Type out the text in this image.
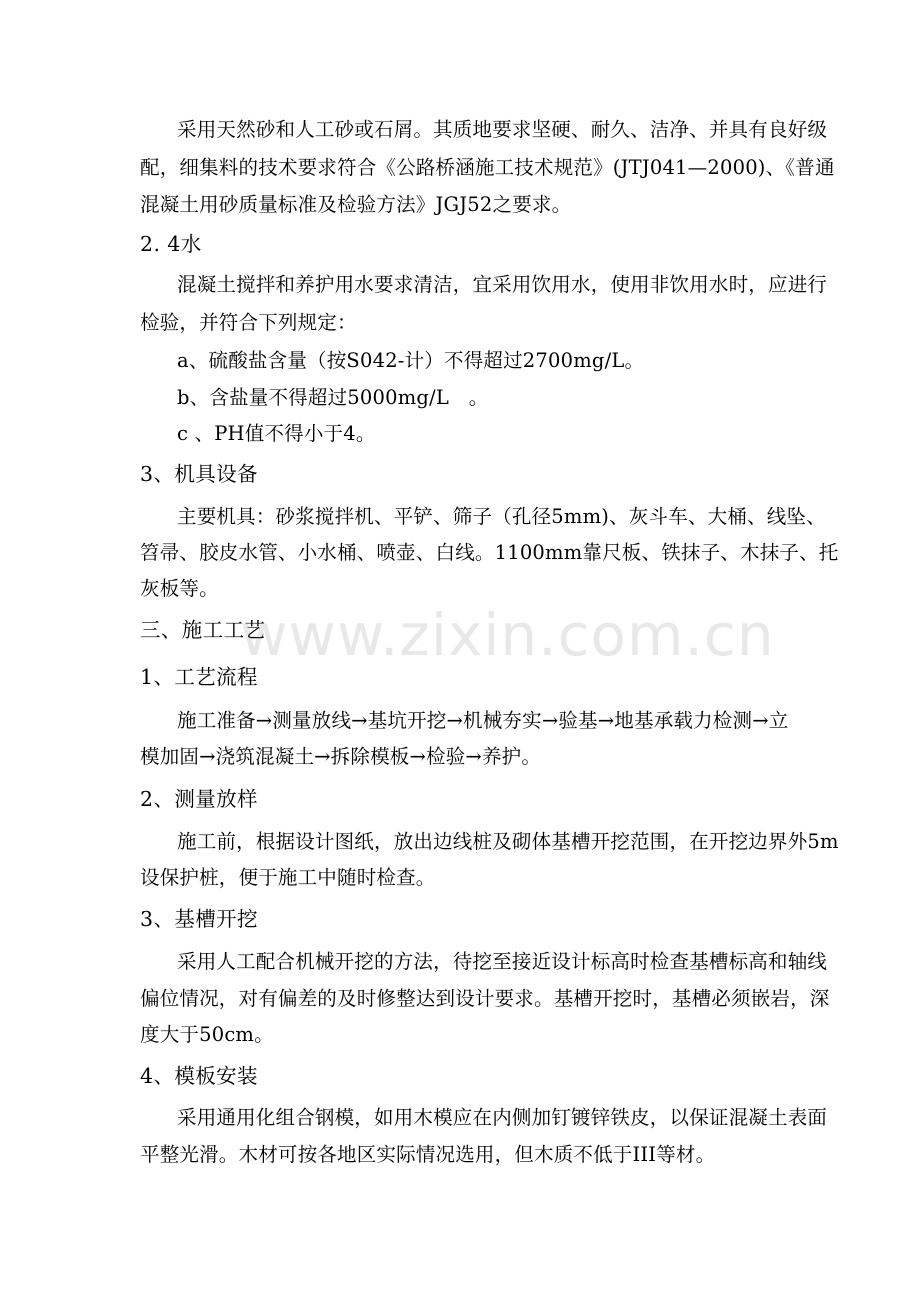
采用天然砂和人工砂或石屑。其质地要求坚硬、耐久、洁净、并具有良好级
配，细集料的技术要求符合《公路桥涵施工技术规范》(JTJ041—2000)、《普通
混凝土用砂质量标准及检验方法》JGJ52之要求。
2. 4水
混凝土搅拌和养护用水要求清洁，宜采用饮用水，使用非饮用水时，应进行
检验，并符合下列规定：
a、硫酸盐含量（按S042-计）不得超过2700mg/L。
b、含盐量不得超过5000mg/L　。
c 、PH值不得小于4。
3、机具设备
主要机具：砂浆搅拌机、平铲、筛子（孔径5mm)、灰斗车、大桶、线坠、
笤帚、胶皮水管、小水桶、喷壶、白线。1100mm靠尺板、铁抹子、木抹子、托
灰板等。
三、施工工艺
1、工艺流程
施工准备→测量放线→基坑开挖→机械夯实→验基→地基承载力检测→立
模加固→浇筑混凝土→拆除模板→检验→养护。
2、测量放样
施工前，根据设计图纸，放出边线桩及砌体基槽开挖范围，在开挖边界外5m
设保护桩，便于施工中随时检查。
3、基槽开挖
采用人工配合机械开挖的方法，待挖至接近设计标高时检查基槽标高和轴线
偏位情况，对有偏差的及时修整达到设计要求。基槽开挖时，基槽必须嵌岩，深
度大于50cm。
4、模板安装
采用通用化组合钢模，如用木模应在内侧加钉镀锌铁皮，以保证混凝土表面
平整光滑。木材可按各地区实际情况选用，但木质不低于III等材。
www.zixin.com.cn
